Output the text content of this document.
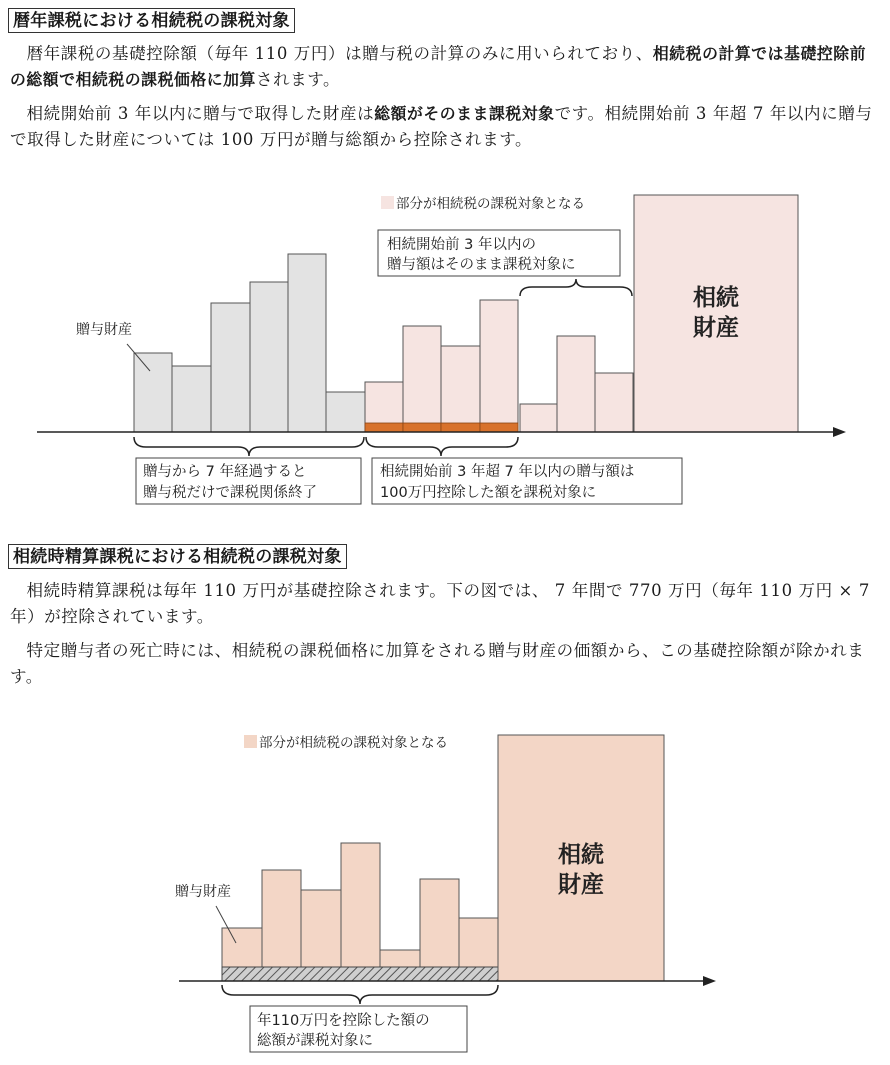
暦年課税における相続税の課税対象

暦年課税の基礎控除額（毎年 110 万円）は贈与税の計算のみに用いられており、相続税の計算では基礎控除前の総額で相続税の課税価格に加算されます。

相続開始前 3 年以内に贈与で取得した財産は総額がそのまま課税対象です。相続開始前 3 年超 7 年以内に贈与で取得した財産については 100 万円が贈与総額から控除されます。

部分が相続税の課税対象となる
相続
財産
贈与財産
相続開始前 3 年以内の
贈与額はそのまま課税対象に
贈与から 7 年経過すると
贈与税だけで課税関係終了
相続開始前 3 年超 7 年以内の贈与額は
100万円控除した額を課税対象に
相続時精算課税における相続税の課税対象

相続時精算課税は毎年 110 万円が基礎控除されます。下の図では、 7 年間で 770 万円（毎年 110 万円 × 7 年）が控除されています。

特定贈与者の死亡時には、相続税の課税価格に加算をされる贈与財産の価額から、この基礎控除額が除かれます。

部分が相続税の課税対象となる
相続
財産
贈与財産
年110万円を控除した額の
総額が課税対象に
